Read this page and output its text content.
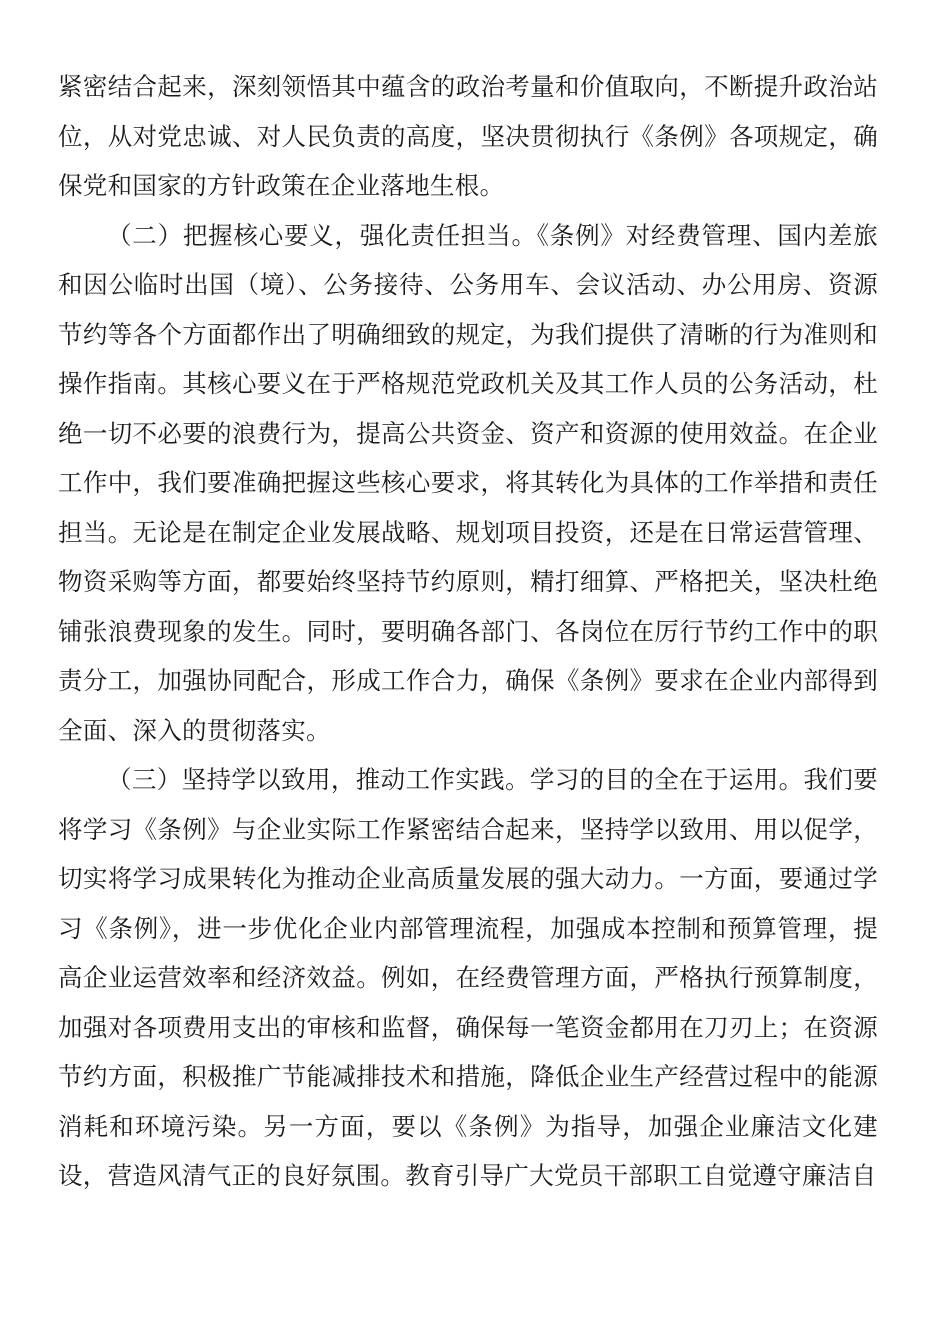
紧密结合起来，深刻领悟其中蕴含的政治考量和价值取向，不断提升政治站位，从对党忠诚、对人民负责的高度，坚决贯彻执行《条例》各项规定，确保党和国家的方针政策在企业落地生根。

（二）把握核心要义，强化责任担当。《条例》对经费管理、国内差旅和因公临时出国（境）、公务接待、公务用车、会议活动、办公用房、资源节约等各个方面都作出了明确细致的规定，为我们提供了清晰的行为准则和操作指南。其核心要义在于严格规范党政机关及其工作人员的公务活动，杜绝一切不必要的浪费行为，提高公共资金、资产和资源的使用效益。在企业工作中，我们要准确把握这些核心要求，将其转化为具体的工作举措和责任担当。无论是在制定企业发展战略、规划项目投资，还是在日常运营管理、物资采购等方面，都要始终坚持节约原则，精打细算、严格把关，坚决杜绝铺张浪费现象的发生。同时，要明确各部门、各岗位在厉行节约工作中的职责分工，加强协同配合，形成工作合力，确保《条例》要求在企业内部得到全面、深入的贯彻落实。

（三）坚持学以致用，推动工作实践。学习的目的全在于运用。我们要将学习《条例》与企业实际工作紧密结合起来，坚持学以致用、用以促学，切实将学习成果转化为推动企业高质量发展的强大动力。一方面，要通过学习《条例》，进一步优化企业内部管理流程，加强成本控制和预算管理，提高企业运营效率和经济效益。例如，在经费管理方面，严格执行预算制度，加强对各项费用支出的审核和监督，确保每一笔资金都用在刀刃上；在资源节约方面，积极推广节能减排技术和措施，降低企业生产经营过程中的能源消耗和环境污染。另一方面，要以《条例》为指导，加强企业廉洁文化建设，营造风清气正的良好氛围。教育引导广大党员干部职工自觉遵守廉洁自
